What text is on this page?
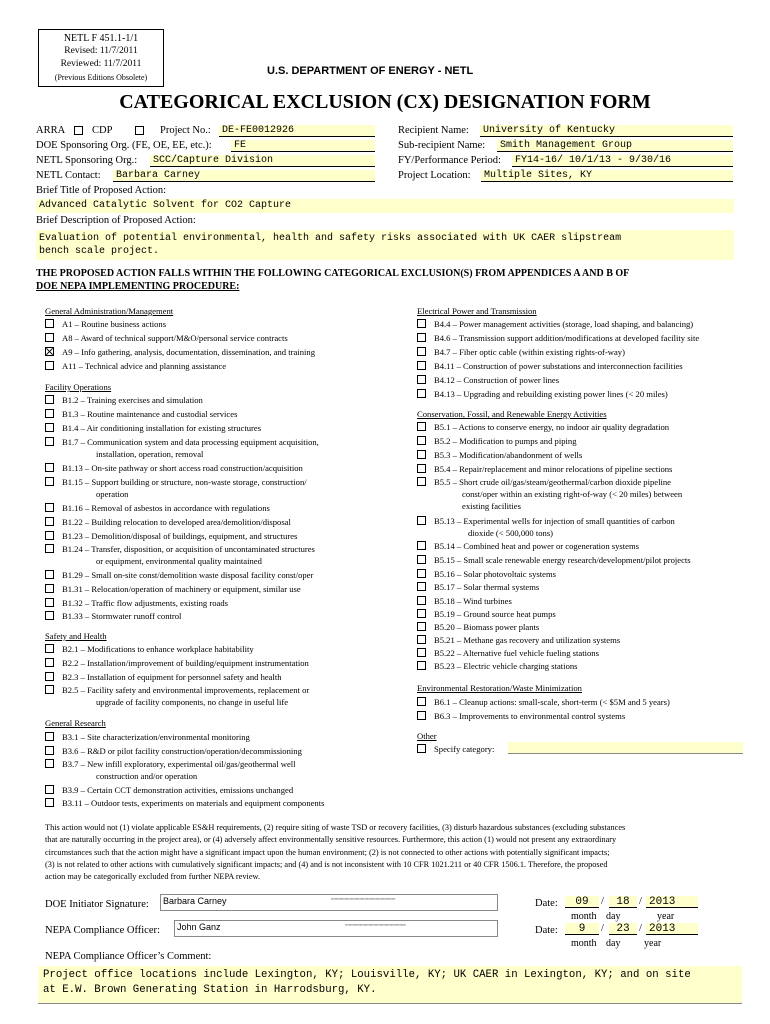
NETL F 451.1-1/1
Revised: 11/7/2011
Reviewed: 11/7/2011
(Previous Editions Obsolete)
U.S. DEPARTMENT OF ENERGY - NETL
CATEGORICAL EXCLUSION (CX) DESIGNATION FORM
ARRA
	CDP	Project No.:	DE-FE0012926
DOE Sponsoring Org. (FE, OE, EE, etc.):	FE
NETL Sponsoring Org.:	SCC/Capture Division
NETL Contact:	Barbara Carney
Recipient Name:	University of Kentucky
Sub-recipient Name:	Smith Management Group
FY/Performance Period:	FY14-16/ 10/1/13 - 9/30/16
Project Location:	Multiple Sites, KY
Brief Title of Proposed Action:
Advanced Catalytic Solvent for CO2 Capture
Brief Description of Proposed Action:
Evaluation of potential environmental, health and safety risks associated with UK CAER slipstream
bench scale project.
THE PROPOSED ACTION FALLS WITHIN THE FOLLOWING CATEGORICAL EXCLUSION(S) FROM APPENDICES A AND B OF
DOE NEPA IMPLEMENTING PROCEDURE:
General Administration/Management
A1 – Routine business actions
A8 – Award of technical support/M&O/personal service contracts
A9 – Info gathering, analysis, documentation, dissemination, and training
A11 – Technical advice and planning assistance
Facility Operations
B1.2 – Training exercises and simulation
B1.3 – Routine maintenance and custodial services
B1.4 – Air conditioning installation for existing structures
B1.7 – Communication system and data processing equipment acquisition,
installation, operation, removal
B1.13 – On-site pathway or short access road construction/acquisition
B1.15 – Support building or structure, non-waste storage, construction/
operation
B1.16 – Removal of asbestos in accordance with regulations
B1.22 – Building relocation to developed area/demolition/disposal
B1.23 – Demolition/disposal of buildings, equipment, and structures
B1.24 – Transfer, disposition, or acquisition of uncontaminated structures
or equipment, environmental quality maintained
B1.29 – Small on-site const/demolition waste disposal facility const/oper
B1.31 – Relocation/operation of machinery or equipment, similar use
B1.32 – Traffic flow adjustments, existing roads
B1.33 – Stormwater runoff control
Safety and Health
B2.1 – Modifications to enhance workplace habitability
B2.2 – Installation/improvement of building/equipment instrumentation
B2.3 – Installation of equipment for personnel safety and health
B2.5 – Facility safety and environmental improvements, replacement or
upgrade of facility components, no change in useful life
General Research
B3.1 – Site characterization/environmental monitoring
B3.6 – R&D or pilot facility construction/operation/decommissioning
B3.7 – New infill exploratory, experimental oil/gas/geothermal well
construction and/or operation
B3.9 – Certain CCT demonstration activities, emissions unchanged
B3.11 – Outdoor tests, experiments on materials and equipment components
Electrical Power and Transmission
B4.4 – Power management activities (storage, load shaping, and balancing)
B4.6 – Transmission support addition/modifications at developed facility site
B4.7 – Fiber optic cable (within existing rights-of-way)
B4.11 – Construction of power substations and interconnection facilities
B4.12 – Construction of power lines
B4.13 – Upgrading and rebuilding existing power lines (< 20 miles)
Conservation, Fossil, and Renewable Energy Activities
B5.1 – Actions to conserve energy, no indoor air quality degradation
B5.2 – Modification to pumps and piping
B5.3 – Modification/abandonment of wells
B5.4 – Repair/replacement and minor relocations of pipeline sections
B5.5 – Short crude oil/gas/steam/geothermal/carbon dioxide pipeline
const/oper within an existing right-of-way (< 20 miles) between
existing facilities
B5.13 – Experimental wells for injection of small quantities of carbon
dioxide (< 500,000 tons)
B5.14 – Combined heat and power or cogeneration systems
B5.15 – Small scale renewable energy research/development/pilot projects
B5.16 – Solar photovoltaic systems
B5.17 – Solar thermal systems
B5.18 – Wind turbines
B5.19 – Ground source heat pumps
B5.20 – Biomass power plants
B5.21 – Methane gas recovery and utilization systems
B5.22 – Alternative fuel vehicle fueling stations
B5.23 – Electric vehicle charging stations
Environmental Restoration/Waste Minimization
B6.1 – Cleanup actions: small-scale, short-term (< $5M and 5 years)
B6.3 – Improvements to environmental control systems
Other
Specify category:
This action would not (1) violate applicable ES&H requirements, (2) require siting of waste TSD or recovery facilities, (3) disturb hazardous substances (excluding substances
that are naturally occurring in the project area), or (4) adversely affect environmentally sensitive resources. Furthermore, this action (1) would not present any extraordinary
circumstances such that the action might have a significant impact upon the human environment; (2) is not connected to other actions with potentially significant impacts;
(3) is not related to other actions with cumulatively significant impacts; and (4) and is not inconsistent with 10 CFR 1021.211 or 40 CFR 1506.1. Therefore, the proposed
action may be categorically excluded from further NEPA review.
DOE Initiator Signature: Barbara Carney	▪▪▪▪▪▪▪▪▪▪▪▪▪▪▪▪▪▪▪▪▪▪▪▪▪▪▪▪▪▪▪▪▪▪▪▪▪▪▪▪▪▪▪▪▪▪▪▪▪▪▪▪
NEPA Compliance Officer: John Ganz	▪▪▪▪▪▪▪▪▪▪▪▪▪▪▪▪▪▪▪▪▪▪▪▪▪▪▪▪▪▪▪▪▪▪▪▪▪▪▪▪▪▪▪▪▪▪▪▪▪
Date:	09	/	18 / 2013
month day	year
Date:	9	/	23 / 2013
month day year
NEPA Compliance Officer’s Comment:
Project office locations include Lexington, KY; Louisville, KY; UK CAER in Lexington, KY; and on site
at E.W. Brown Generating Station in Harrodsburg, KY.
